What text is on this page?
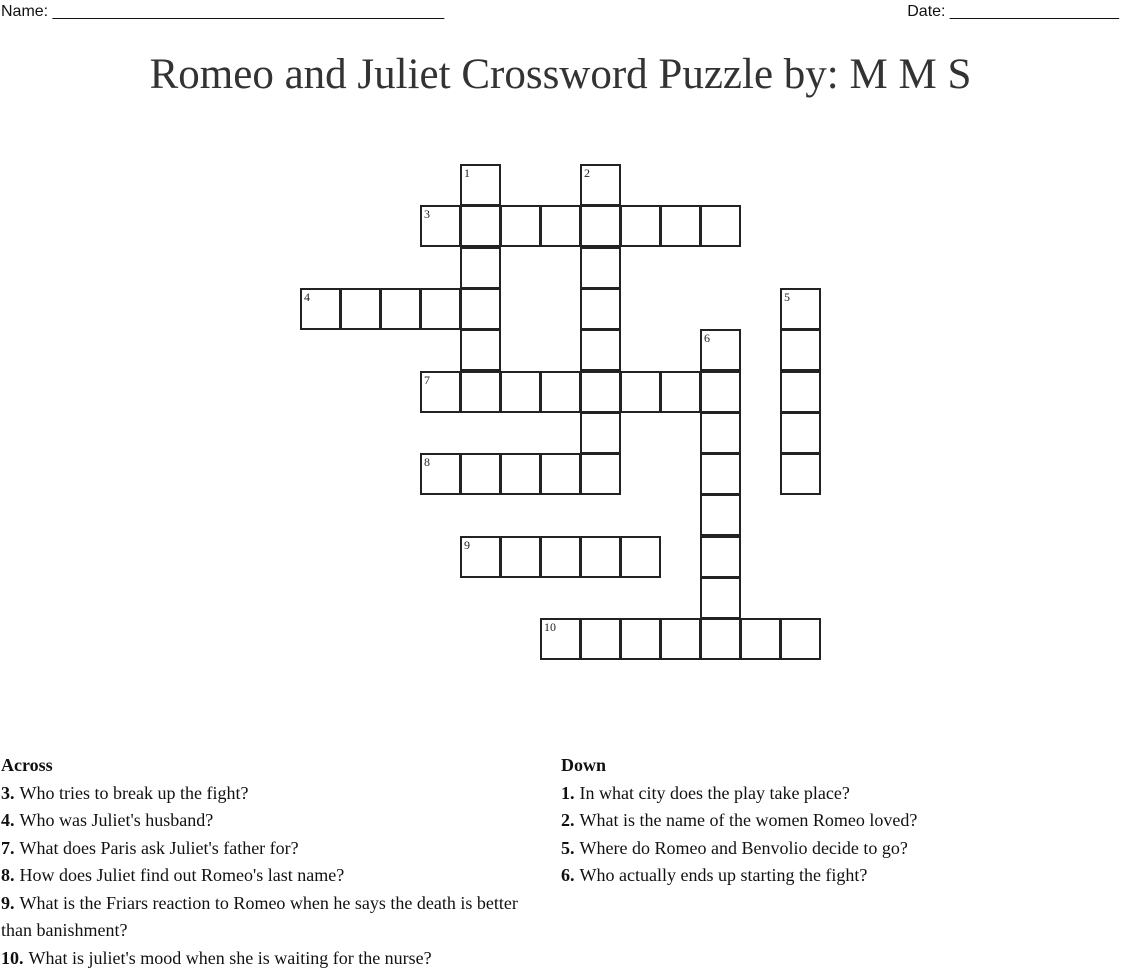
Name: ____________________________________________	Date: ___________________
Romeo and Juliet Crossword Puzzle by: M M S
1	2
3
4	5
6
7
8
9
10
Across
3. Who tries to break up the fight?
4. Who was Juliet's husband?
7. What does Paris ask Juliet's father for?
8. How does Juliet find out Romeo's last name?
9. What is the Friars reaction to Romeo when he says the death is better than banishment?
10. What is juliet's mood when she is waiting for the nurse?
Down
1. In what city does the play take place?
2. What is the name of the women Romeo loved?
5. Where do Romeo and Benvolio decide to go?
6. Who actually ends up starting the fight?
